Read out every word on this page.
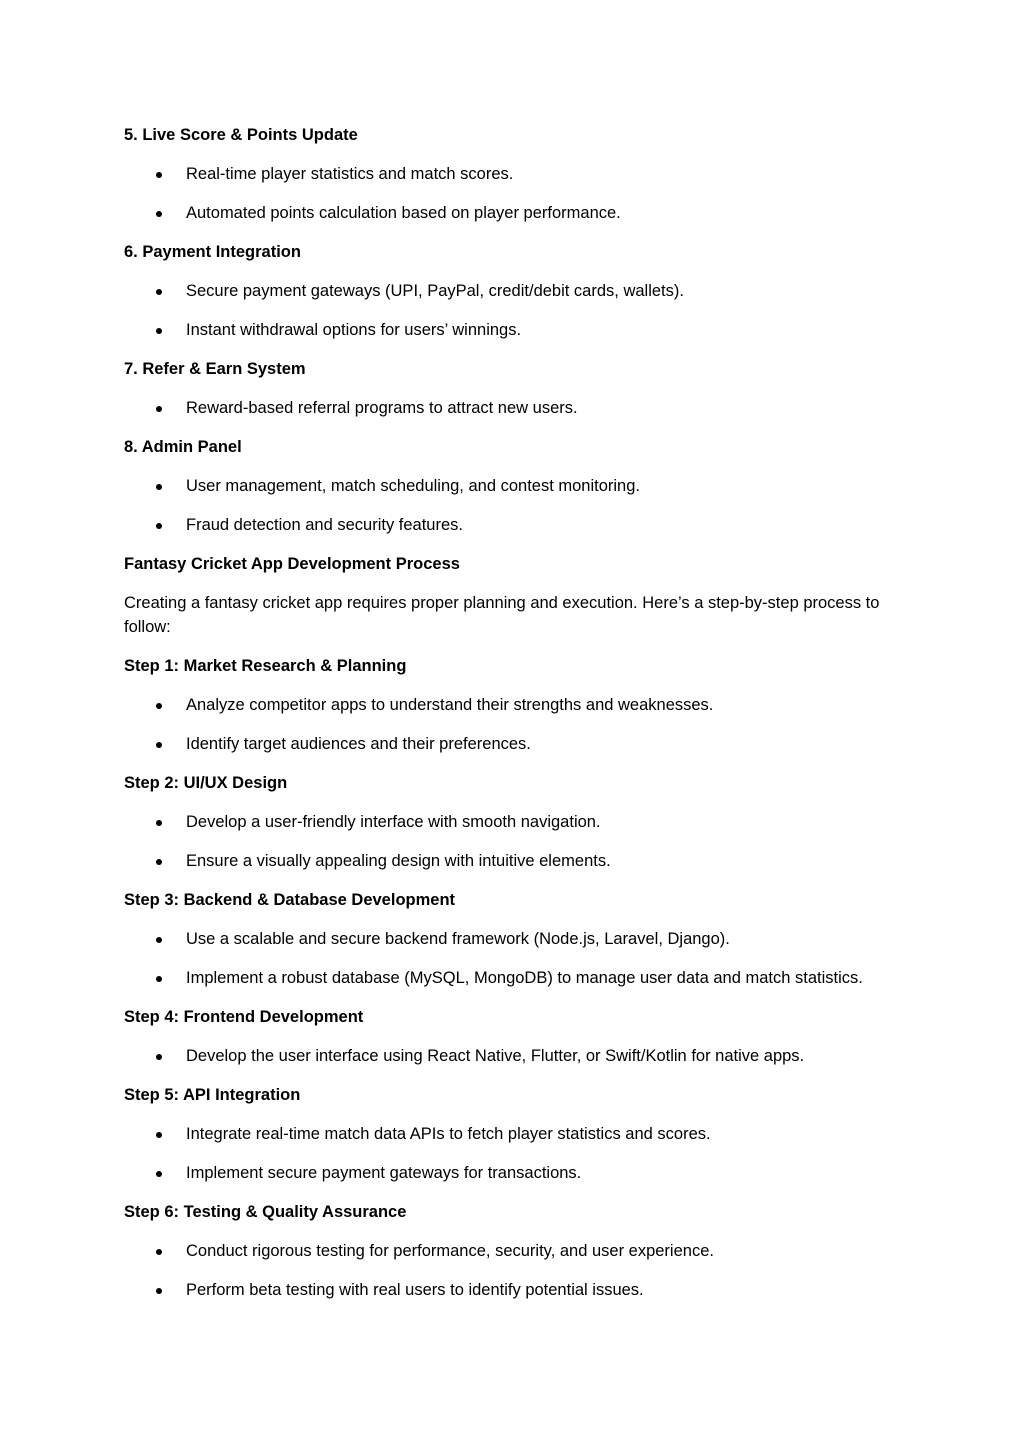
5. Live Score & Points Update

Real-time player statistics and match scores.
Automated points calculation based on player performance.

6. Payment Integration

Secure payment gateways (UPI, PayPal, credit/debit cards, wallets).
Instant withdrawal options for users’ winnings.

7. Refer & Earn System

Reward-based referral programs to attract new users.

8. Admin Panel

User management, match scheduling, and contest monitoring.
Fraud detection and security features.

Fantasy Cricket App Development Process

Creating a fantasy cricket app requires proper planning and execution. Here’s a step-by-step process to follow:

Step 1: Market Research & Planning

Analyze competitor apps to understand their strengths and weaknesses.
Identify target audiences and their preferences.

Step 2: UI/UX Design

Develop a user-friendly interface with smooth navigation.
Ensure a visually appealing design with intuitive elements.

Step 3: Backend & Database Development

Use a scalable and secure backend framework (Node.js, Laravel, Django).
Implement a robust database (MySQL, MongoDB) to manage user data and match statistics.

Step 4: Frontend Development

Develop the user interface using React Native, Flutter, or Swift/Kotlin for native apps.

Step 5: API Integration

Integrate real-time match data APIs to fetch player statistics and scores.
Implement secure payment gateways for transactions.

Step 6: Testing & Quality Assurance

Conduct rigorous testing for performance, security, and user experience.
Perform beta testing with real users to identify potential issues.
